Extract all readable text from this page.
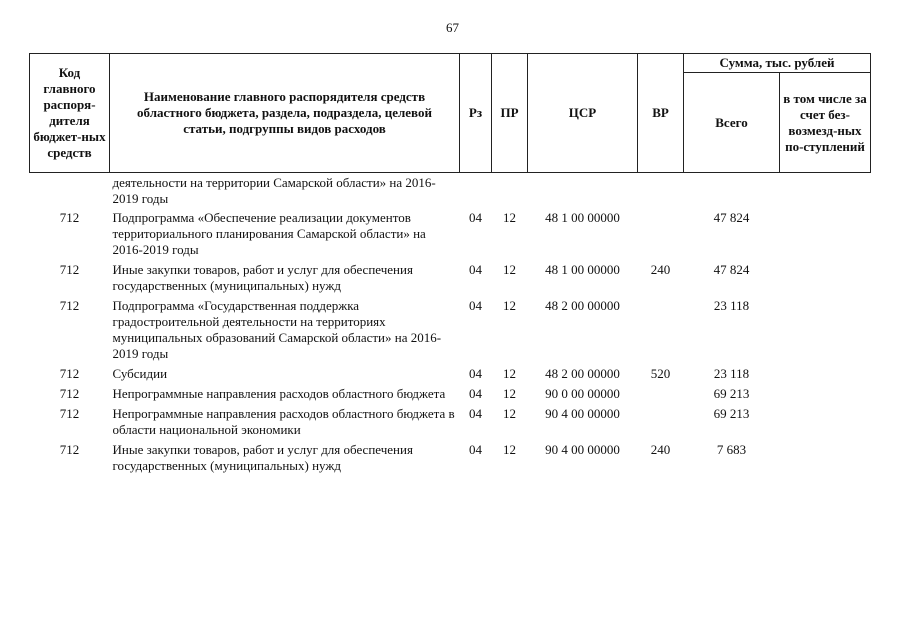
67
Код главного распоря-дителя бюджет-ных средств	Наименование главного распорядителя средств областного бюджета, раздела, подраздела, целевой статьи, подгруппы видов расходов	Рз	ПР	ЦСР	ВР	Сумма, тыс. рублей	
						Всего	в том числе за счет без-возмезд-ных по-ступлений
	деятельности на территории Самарской области» на 2016-2019 годы						
712	Подпрограмма «Обеспечение реализации документов территориального планирования Самарской области» на 2016-2019 годы	04	12	48 1 00 00000		47 824	
712	Иные закупки товаров, работ и услуг для обеспечения государственных (муниципальных) нужд	04	12	48 1 00 00000	240	47 824	
712	Подпрограмма «Государственная поддержка градостроительной деятельности на территориях муниципальных образований Самарской области» на 2016-2019 годы	04	12	48 2 00 00000		23 118	
712	Субсидии	04	12	48 2 00 00000	520	23 118	
712	Непрограммные направления расходов областного бюджета	04	12	90 0 00 00000		69 213	
712	Непрограммные направления расходов областного бюджета в области национальной экономики	04	12	90 4 00 00000		69 213	
712	Иные закупки товаров, работ и услуг для обеспечения государственных (муниципальных) нужд	04	12	90 4 00 00000	240	7 683	
